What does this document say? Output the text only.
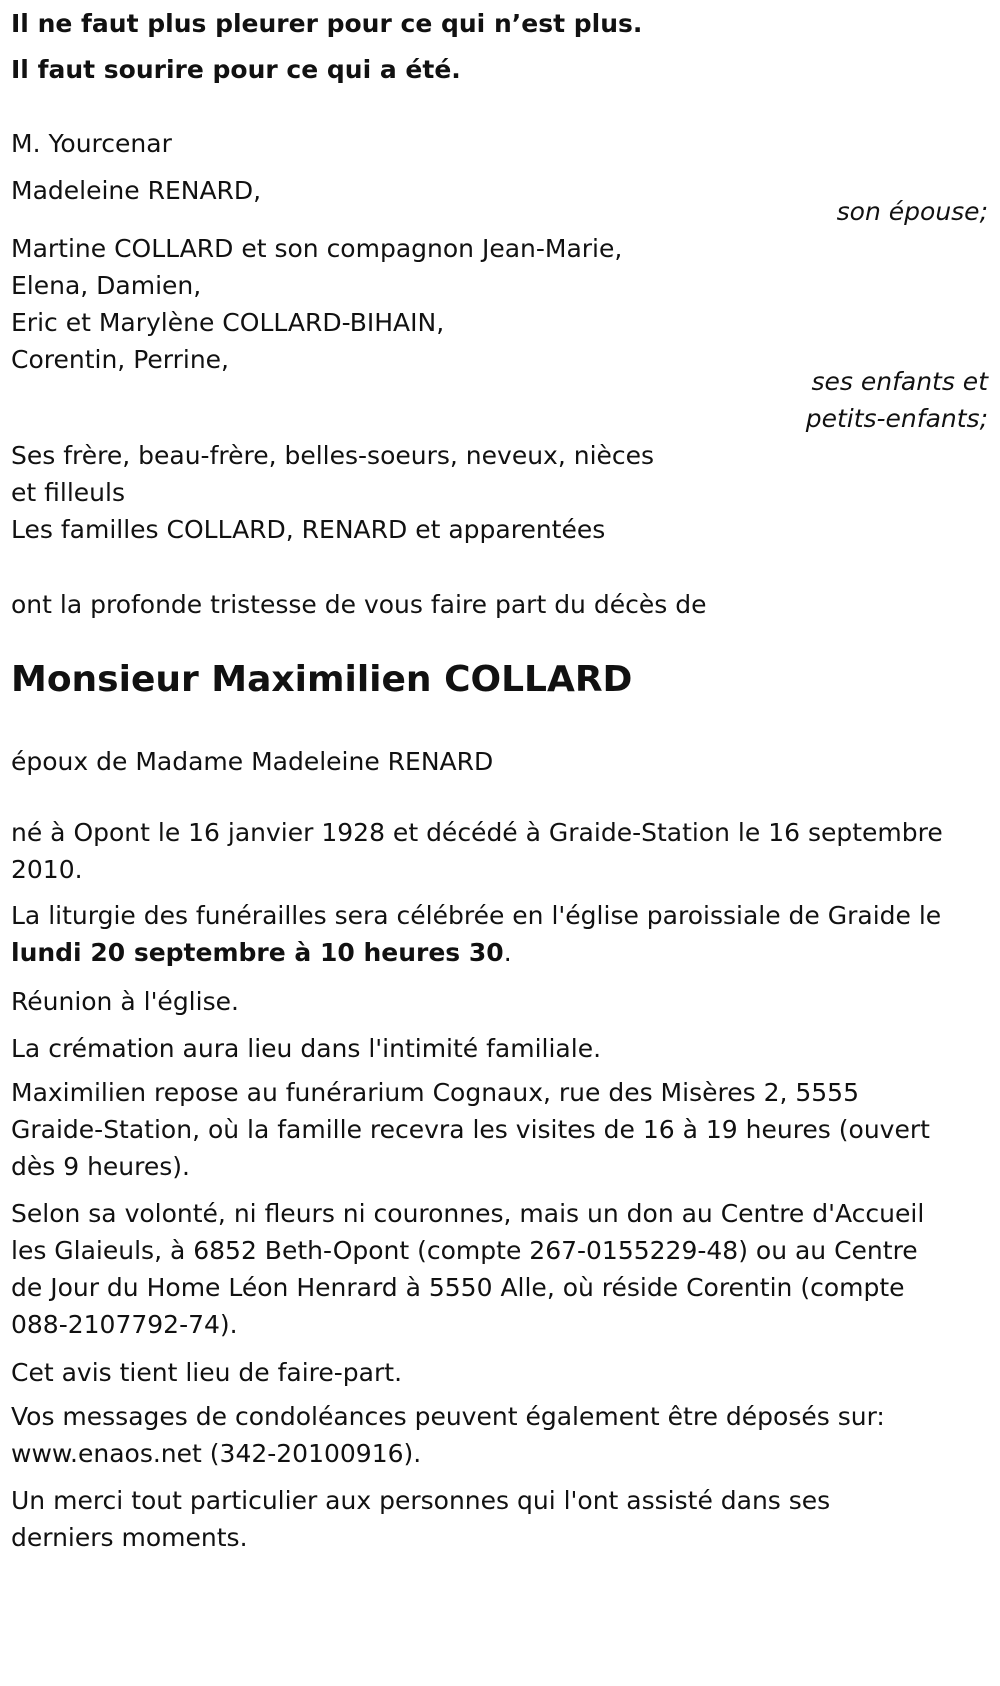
Il ne faut plus pleurer pour ce qui n’est plus.

Il faut sourire pour ce qui a été.

M. Yourcenar

Madeleine RENARD,

son épouse;

Martine COLLARD et son compagnon Jean-Marie,

Elena, Damien,

Eric et Marylène COLLARD-BIHAIN,

Corentin, Perrine,

ses enfants et

petits-enfants;

Ses frère, beau-frère, belles-soeurs, neveux, nièces

et filleuls

Les familles COLLARD, RENARD et apparentées

ont la profonde tristesse de vous faire part du décès de

Monsieur Maximilien COLLARD

époux de Madame Madeleine RENARD

né à Opont le 16 janvier 1928 et décédé à Graide-Station le 16 septembre 2010.

La liturgie des funérailles sera célébrée en l'église paroissiale de Graide le lundi 20 septembre à 10 heures 30.

Réunion à l'église.

La crémation aura lieu dans l'intimité familiale.

Maximilien repose au funérarium Cognaux, rue des Misères 2, 5555 Graide-Station, où la famille recevra les visites de 16 à 19 heures (ouvert dès 9 heures).

Selon sa volonté, ni fleurs ni couronnes, mais un don au Centre d'Accueil les Glaieuls, à 6852 Beth-Opont (compte 267-0155229-48) ou au Centre de Jour du Home Léon Henrard à 5550 Alle, où réside Corentin (compte 088-2107792-74).

Cet avis tient lieu de faire-part.

Vos messages de condoléances peuvent également être déposés sur: www.enaos.net (342-20100916).

Un merci tout particulier aux personnes qui l'ont assisté dans ses derniers moments.
